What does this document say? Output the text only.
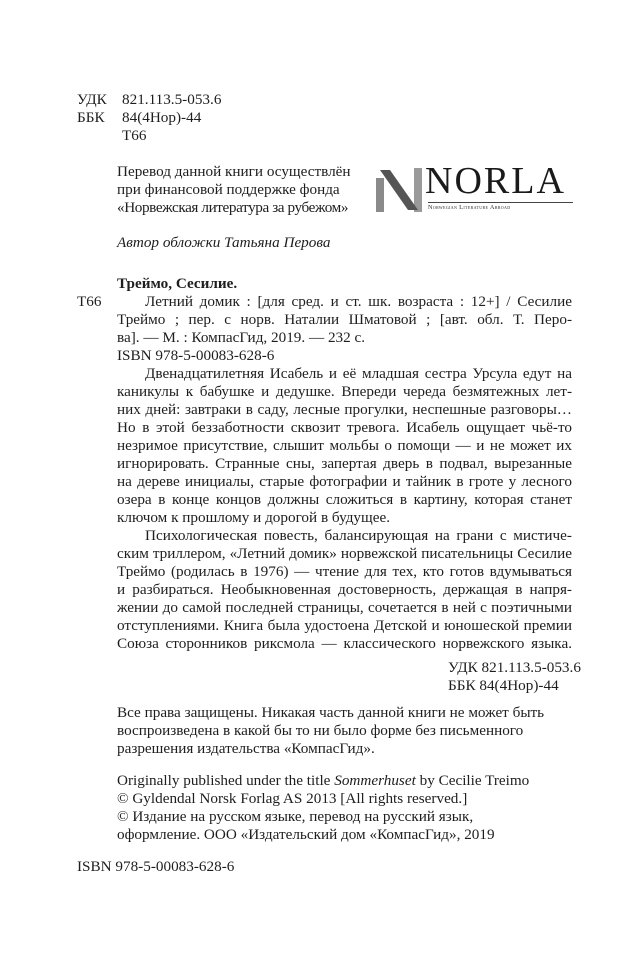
УДК	821.113.5-053.6
ББК	84(4Нор)-44
Т66
Перевод данной книги осуществлён
при финансовой поддержке фонда
«Норвежская литература за рубежом»
NORLA
Norwegian Literature Abroad
Автор обложки Татьяна Перова
Треймо, Сесилие.
Т66	Летний домик : [для сред. и ст. шк. возраста : 12+] / Сесилие
Треймо ; пер. с норв. Наталии Шматовой ; [авт. обл. Т. Перо-
ва]. — М. : КомпасГид, 2019. — 232 с.
ISBN 978-5-00083-628-6
Двенадцатилетняя Исабель и её младшая сестра Урсула едут на
каникулы к бабушке и дедушке. Впереди череда безмятежных лет-
них дней: завтраки в саду, лесные прогулки, неспешные разговоры…
Но в этой беззаботности сквозит тревога. Исабель ощущает чьё-то
незримое присутствие, слышит мольбы о помощи — и не может их
игнорировать. Странные сны, запертая дверь в подвал, вырезанные
на дереве инициалы, старые фотографии и тайник в гроте у лесного
озера в конце концов должны сложиться в картину, которая станет
ключом к прошлому и дорогой в будущее.
Психологическая повесть, балансирующая на грани с мистиче-
ским триллером, «Летний домик» норвежской писательницы Сесилие
Треймо (родилась в 1976) — чтение для тех, кто готов вдумываться
и разбираться. Необыкновенная достоверность, держащая в напря-
жении до самой последней страницы, сочетается в ней с поэтичными
отступлениями. Книга была удостоена Детской и юношеской премии
Союза сторонников риксмола — классического норвежского языка.
УДК 821.113.5-053.6
ББК 84(4Нор)-44
Все права защищены. Никакая часть данной книги не может быть
воспроизведена в какой бы то ни было форме без письменного
разрешения издательства «КомпасГид».
Originally published under the title Sommerhuset by Cecilie Treimo
© Gyldendal Norsk Forlag AS 2013 [All rights reserved.]
© Издание на русском языке, перевод на русский язык,
оформление. ООО «Издательский дом «КомпасГид», 2019
ISBN 978-5-00083-628-6
